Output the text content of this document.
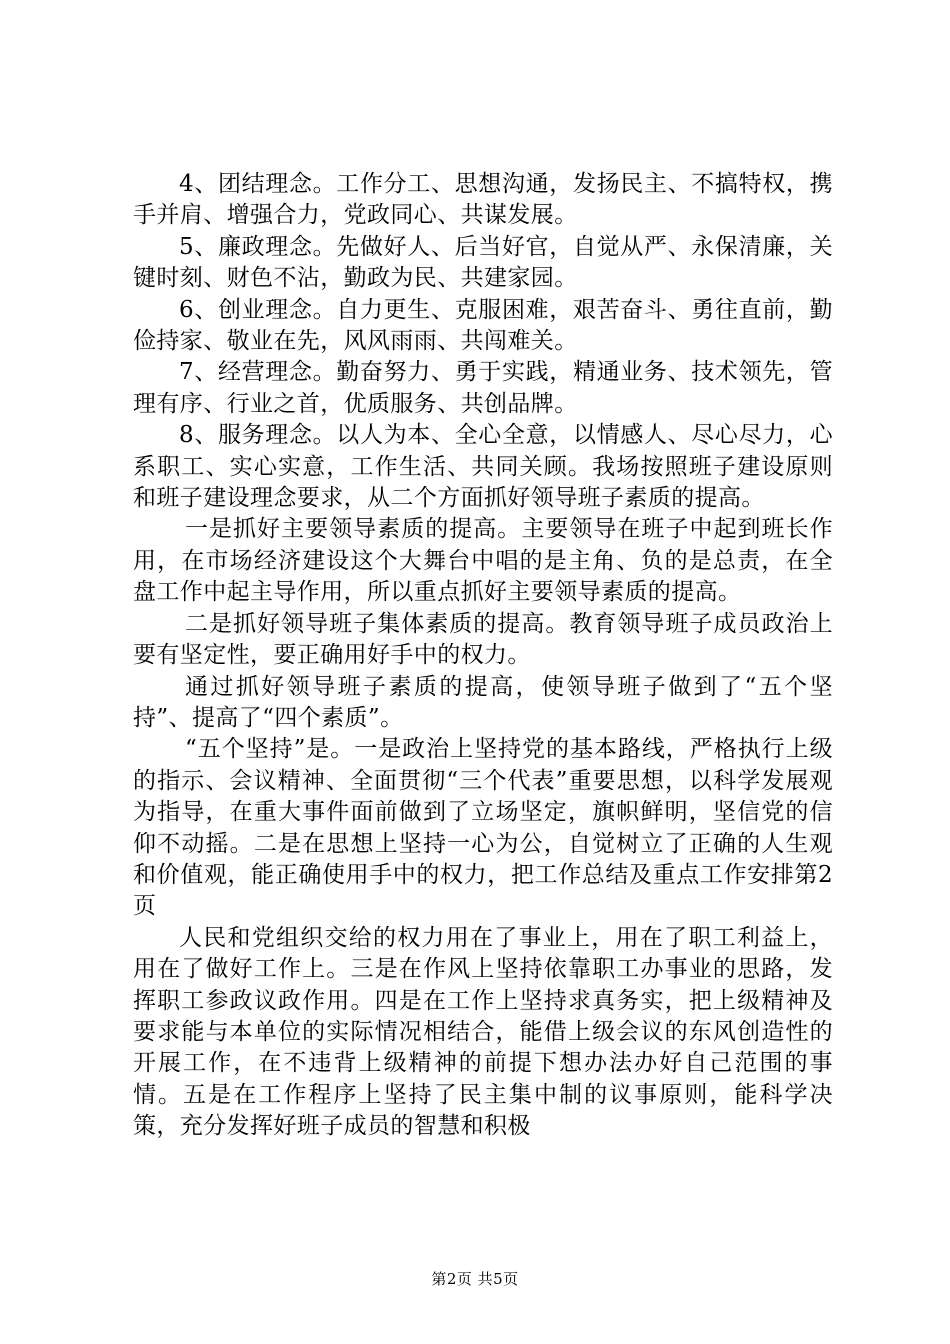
4、团结理念。工作分工、思想沟通，发扬民主、不搞特权，携手并肩、增强合力，党政同心、共谋发展。

5、廉政理念。先做好人、后当好官，自觉从严、永保清廉，关键时刻、财色不沾，勤政为民、共建家园。

6、创业理念。自力更生、克服困难，艰苦奋斗、勇往直前，勤俭持家、敬业在先，风风雨雨、共闯难关。

7、经营理念。勤奋努力、勇于实践，精通业务、技术领先，管理有序、行业之首，优质服务、共创品牌。

8、服务理念。以人为本、全心全意，以情感人、尽心尽力，心系职工、实心实意，工作生活、共同关顾。我场按照班子建设原则和班子建设理念要求，从二个方面抓好领导班子素质的提高。

一是抓好主要领导素质的提高。主要领导在班子中起到班长作用，在市场经济建设这个大舞台中唱的是主角、负的是总责，在全盘工作中起主导作用，所以重点抓好主要领导素质的提高。

二是抓好领导班子集体素质的提高。教育领导班子成员政治上要有坚定性，要正确用好手中的权力。

通过抓好领导班子素质的提高，使领导班子做到了“五个坚持”、提高了“四个素质”。

“五个坚持”是。一是政治上坚持党的基本路线，严格执行上级的指示、会议精神、全面贯彻“三个代表”重要思想，以科学发展观为指导，在重大事件面前做到了立场坚定，旗帜鲜明，坚信党的信仰不动摇。二是在思想上坚持一心为公，自觉树立了正确的人生观和价值观，能正确使用手中的权力，把工作总结及重点工作安排第2页

人民和党组织交给的权力用在了事业上，用在了职工利益上，用在了做好工作上。三是在作风上坚持依靠职工办事业的思路，发挥职工参政议政作用。四是在工作上坚持求真务实，把上级精神及要求能与本单位的实际情况相结合，能借上级会议的东风创造性的开展工作，在不违背上级精神的前提下想办法办好自己范围的事情。五是在工作程序上坚持了民主集中制的议事原则，能科学决策，充分发挥好班子成员的智慧和积极

第2页 共5页
